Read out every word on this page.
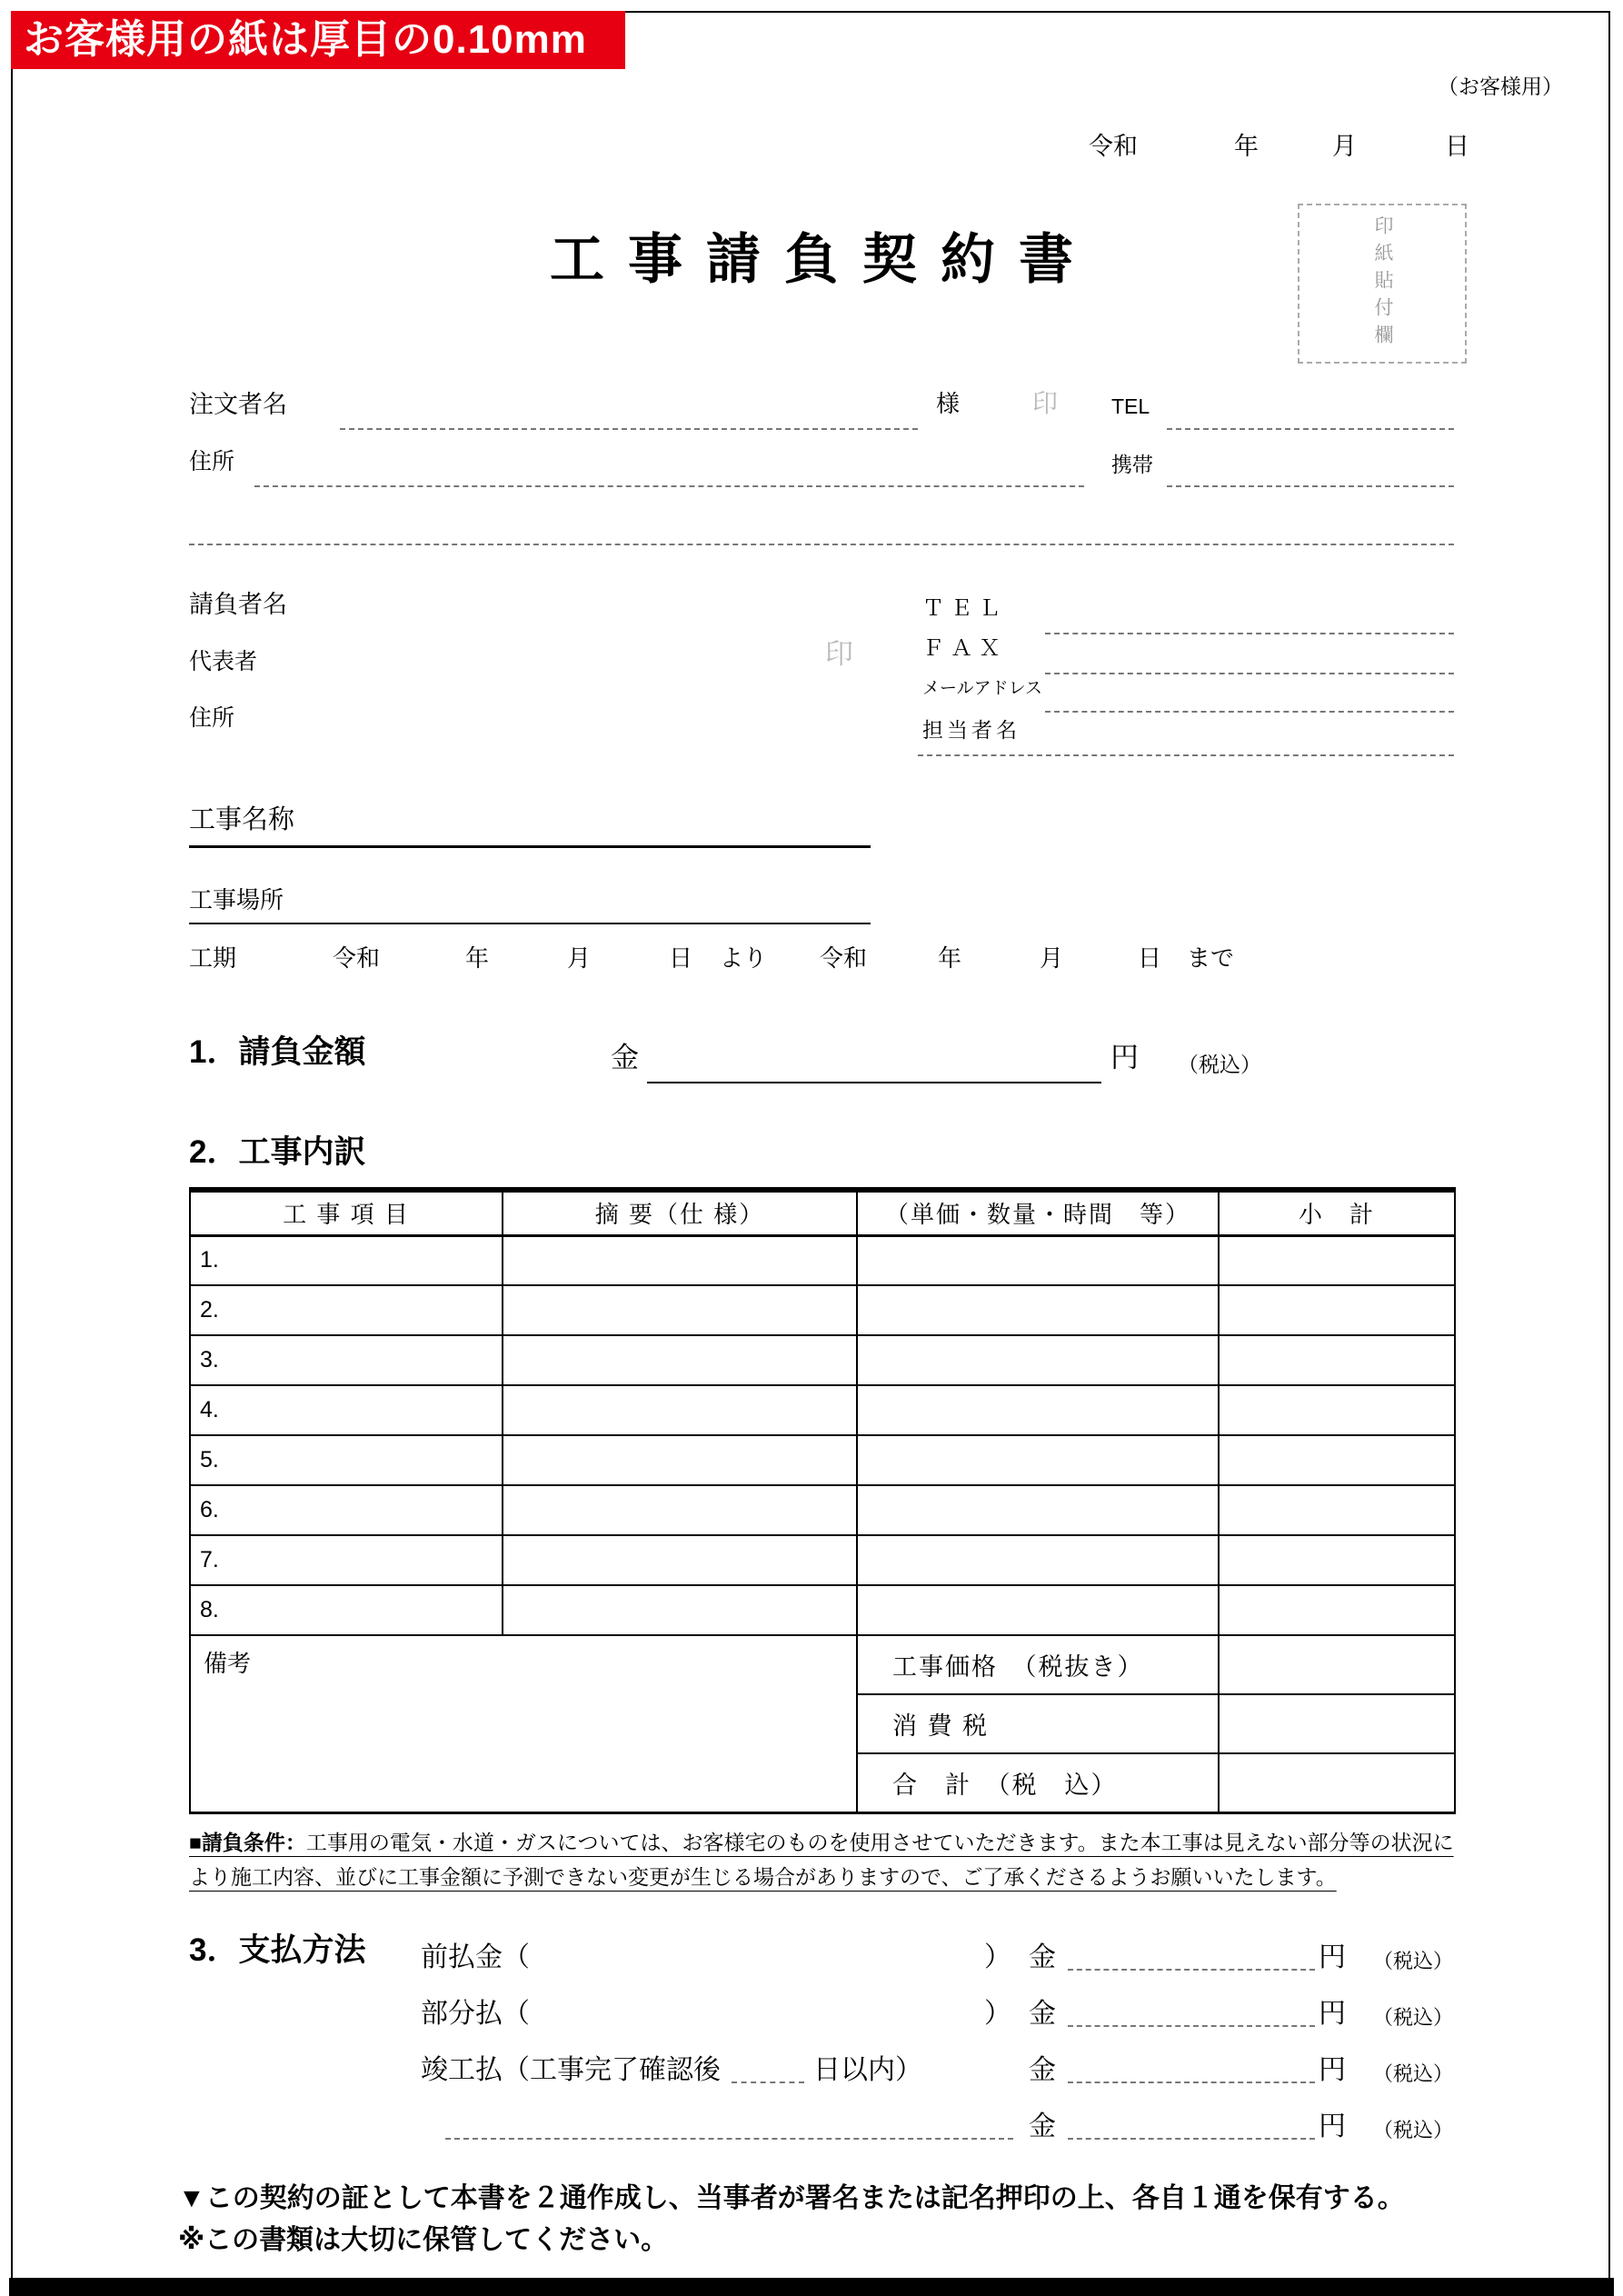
お客様用の紙は厚目の0.10mm
（お客様用）
令和	年	月	日
工事請負契約書	印紙貼付欄
注文者名	様	印	TEL
住所	携帯
請負者名
代表者	印
住所
ＴＥＬ
ＦＡＸ
メールアドレス
担当者名
工事名称
工事場所
工期	令和	年	月	日 より 令和	年	月	日 まで
1．請負金額	金	円 （税込）
2．工事内訳
工 事 項 目	摘 要（仕 様）	（単価・数量・時間　等）	小　計
1.			
2.			
3.			
4.			
5.			
6.			
7.			
8.			
備考		工事価格　（税抜き）	
		消 費 税	
		合　計　（税　込）	
■請負条件：工事用の電気・水道・ガスについては、お客様宅のものを使用させていただきます。また本工事は見えない部分等の状況により施工内容、並びに工事金額に予測できない変更が生じる場合がありますので、ご了承くださるようお願いいたします。
3．支払方法 前払金（	） 金	円 （税込）
部分払（	） 金	円 （税込）
竣工払（工事完了確認後	日以内）	金	円 （税込）
金	円 （税込）
▼この契約の証として本書を２通作成し、当事者が署名または記名押印の上、各自１通を保有する。
※この書類は大切に保管してください。
